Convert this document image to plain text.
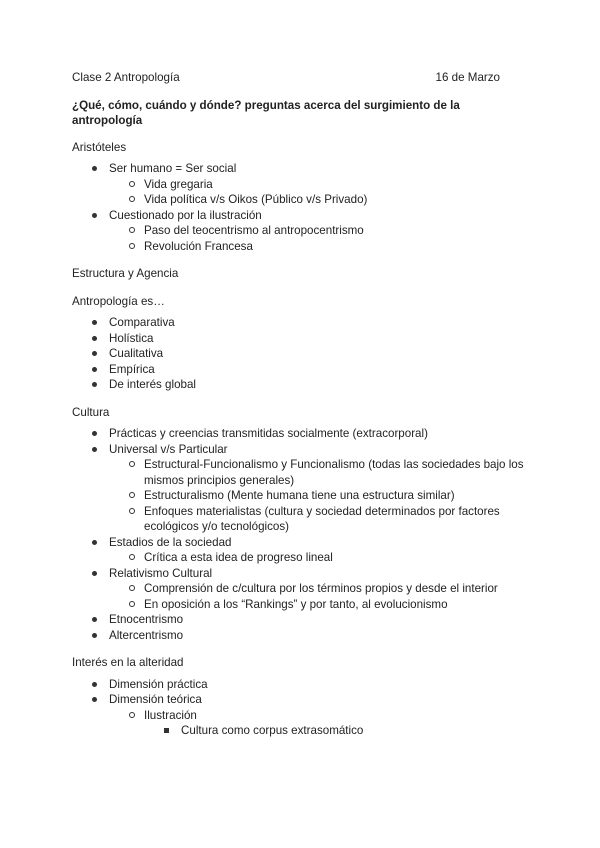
Clase 2 Antropología	16 de Marzo
¿Qué, cómo, cuándo y dónde? preguntas acerca del surgimiento de la antropología
Aristóteles
Ser humano = Ser social
Vida gregaria
Vida política v/s Oikos (Público v/s Privado)
Cuestionado por la ilustración
Paso del teocentrismo al antropocentrismo
Revolución Francesa
Estructura y Agencia
Antropología es…
Comparativa
Holística
Cualitativa
Empírica
De interés global
Cultura
Prácticas y creencias transmitidas socialmente (extracorporal)
Universal v/s Particular
Estructural-Funcionalismo y Funcionalismo (todas las sociedades bajo los mismos principios generales)
Estructuralismo (Mente humana tiene una estructura similar)
Enfoques materialistas (cultura y sociedad determinados por factores ecológicos y/o tecnológicos)
Estadios de la sociedad
Crítica a esta idea de progreso lineal
Relativismo Cultural
Comprensión de c/cultura por los términos propios y desde el interior
En oposición a los “Rankings” y por tanto, al evolucionismo
Etnocentrismo
Altercentrismo
Interés en la alteridad
Dimensión práctica
Dimensión teórica
Ilustración
Cultura como corpus extrasomático
